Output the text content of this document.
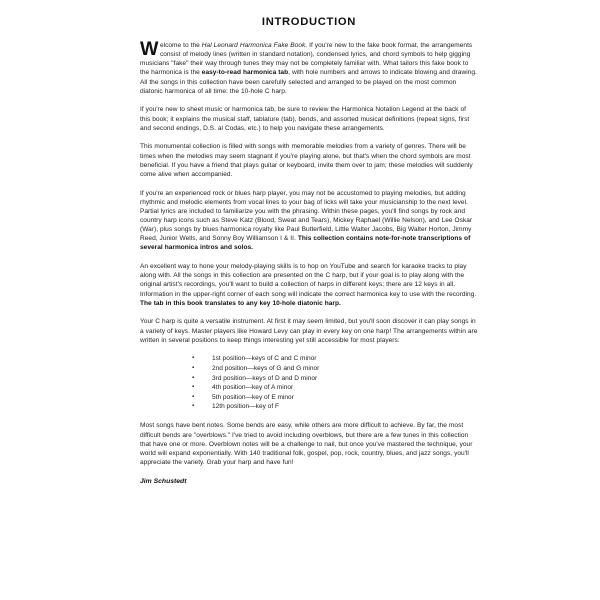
INTRODUCTION

Welcome to the Hal Leonard Harmonica Fake Book. If you're new to the fake book format, the arrangements consist of melody lines (written in standard notation), condensed lyrics, and chord symbols to help gigging musicians "fake" their way through tunes they may not be completely familiar with. What tailors this fake book to the harmonica is the easy-to-read harmonica tab, with hole numbers and arrows to indicate blowing and drawing. All the songs in this collection have been carefully selected and arranged to be played on the most common diatonic harmonica of all time: the 10-hole C harp.

If you're new to sheet music or harmonica tab, be sure to review the Harmonica Notation Legend at the back of this book; it explains the musical staff, tablature (tab), bends, and assorted musical definitions (repeat signs, first and second endings, D.S. al Codas, etc.) to help you navigate these arrangements.

This monumental collection is filled with songs with memorable melodies from a variety of genres. There will be times when the melodies may seem stagnant if you're playing alone, but that's when the chord symbols are most beneficial. If you have a friend that plays guitar or keyboard, invite them over to jam; these melodies will suddenly come alive when accompanied.

If you're an experienced rock or blues harp player, you may not be accustomed to playing melodies, but adding rhythmic and melodic elements from vocal lines to your bag of licks will take your musicianship to the next level. Partial lyrics are included to familiarize you with the phrasing. Within these pages, you'll find songs by rock and country harp icons such as Steve Katz (Blood, Sweat and Tears), Mickey Raphael (Willie Nelson), and Lee Oskar (War), plus songs by blues harmonica royalty like Paul Butterfield, Little Walter Jacobs, Big Walter Horton, Jimmy Reed, Junior Wells, and Sonny Boy Williamson I & II. This collection contains note-for-note transcriptions of several harmonica intros and solos.

An excellent way to hone your melody-playing skills is to hop on YouTube and search for karaoke tracks to play along with. All the songs in this collection are presented on the C harp, but if your goal is to play along with the original artist's recordings, you'll want to build a collection of harps in different keys; there are 12 keys in all. Information in the upper-right corner of each song will indicate the correct harmonica key to use with the recording. The tab in this book translates to any key 10-hole diatonic harp.

Your C harp is quite a versatile instrument. At first it may seem limited, but you'll soon discover it can play songs in a variety of keys. Master players like Howard Levy can play in every key on one harp! The arrangements within are written in several positions to keep things interesting yet still accessible for most players:

▪	1st position—keys of C and C minor
▪	2nd position—keys of G and G minor
▪	3rd position—keys of D and D minor
▪	4th position—key of A minor
▪	5th position—key of E minor
▪	12th position—key of F

Most songs have bent notes. Some bends are easy, while others are more difficult to achieve. By far, the most difficult bends are "overblows." I've tried to avoid including overblows, but there are a few tunes in this collection that have one or more. Overblown notes will be a challenge to nail, but once you've mastered the technique, your world will expand exponentially. With 140 traditional folk, gospel, pop, rock, country, blues, and jazz songs, you'll appreciate the variety. Grab your harp and have fun!

Jim Schustedt
